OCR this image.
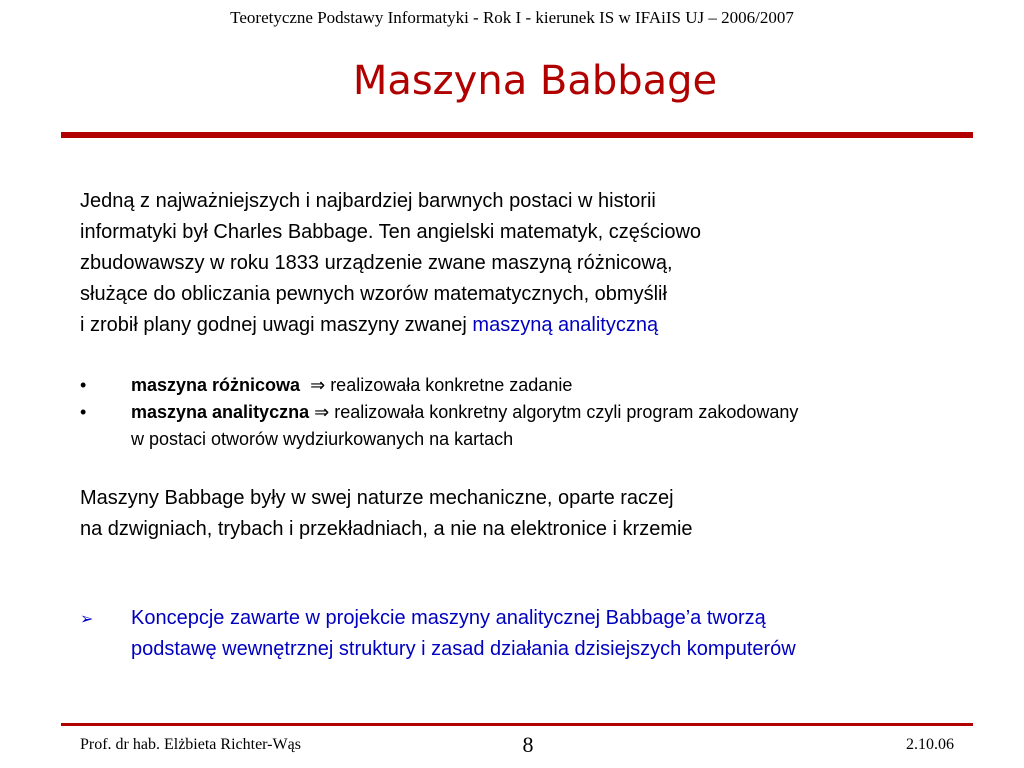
Teoretyczne Podstawy Informatyki - Rok I - kierunek IS w IFAiIS UJ – 2006/2007
Maszyna Babbage
Jedną z najważniejszych i najbardziej barwnych postaci w historii
informatyki był Charles Babbage. Ten angielski matematyk, częściowo
zbudowawszy w roku 1833 urządzenie zwane maszyną różnicową,
służące do obliczania pewnych wzorów matematycznych, obmyślił
i zrobił plany godnej uwagi maszyny zwanej maszyną analityczną
• maszyna różnicowa ⇒ realizowała konkretne zadanie
• maszyna analityczna ⇒ realizowała konkretny algorytm czyli program zakodowany
w postaci otworów wydziurkowanych na kartach
Maszyny Babbage były w swej naturze mechaniczne, oparte raczej
na dzwigniach, trybach i przekładniach, a nie na elektronice i krzemie
➢ Koncepcje zawarte w projekcie maszyny analitycznej Babbage’a tworzą
podstawę wewnętrznej struktury i zasad działania dzisiejszych komputerów
Prof. dr hab. Elżbieta Richter-Wąs	8	2.10.06
